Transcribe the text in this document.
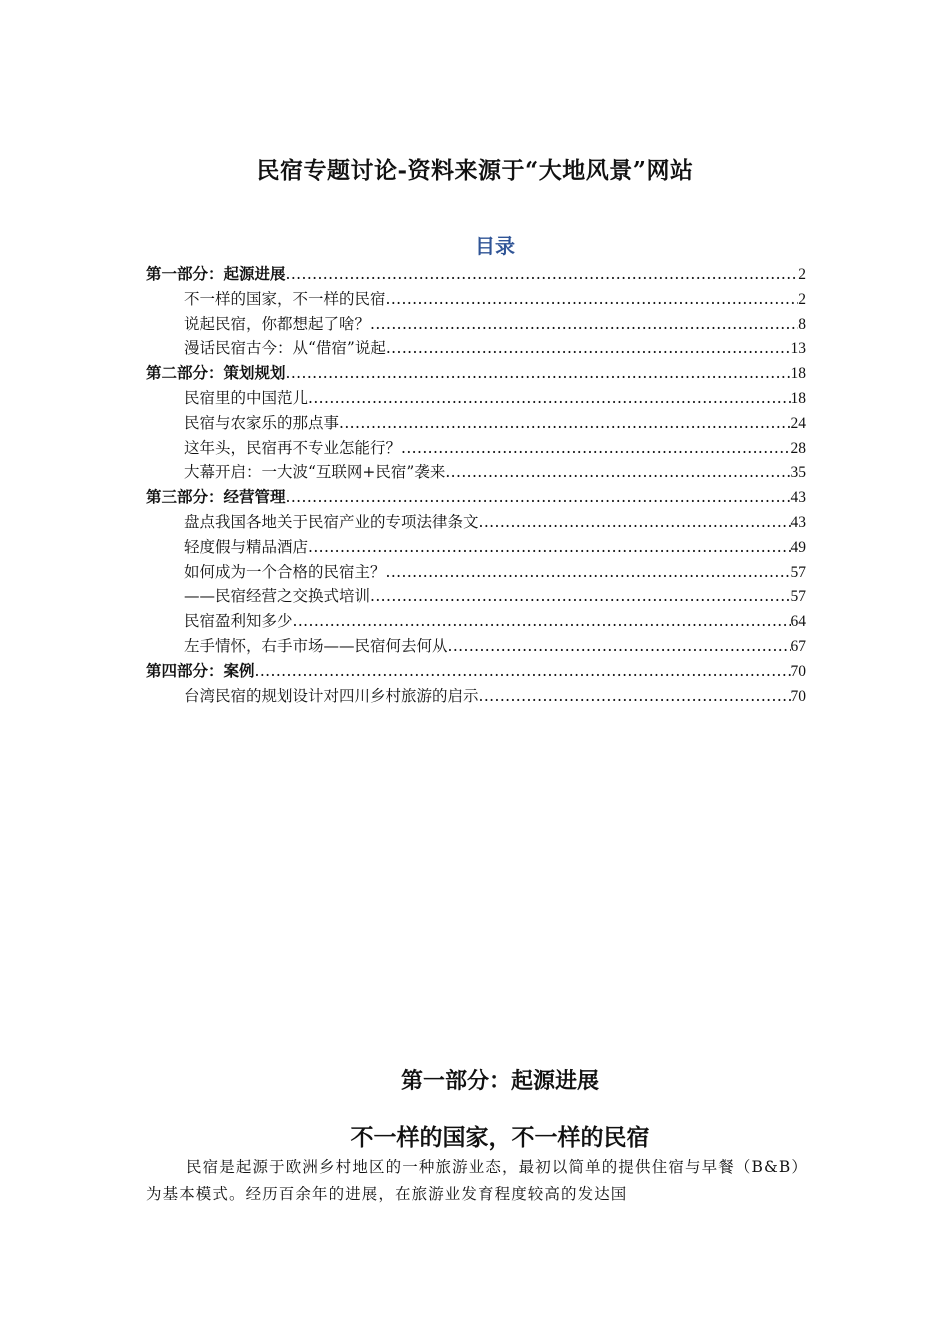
民宿专题讨论-资料来源于“大地风景”网站
目录
第一部分：起源进展 .....	2
不一样的国家，不一样的民宿 .....	2
说起民宿，你都想起了啥？ .....	8
漫话民宿古今：从“借宿”说起 .....	13
第二部分：策划规划 .....	18
民宿里的中国范儿 .....	18
民宿与农家乐的那点事 .....	24
这年头，民宿再不专业怎能行？ .....	28
大幕开启：一大波“互联网+民宿”袭来 .....	35
第三部分：经营管理 .....	43
盘点我国各地关于民宿产业的专项法律条文 .....	43
轻度假与精品酒店 .....	49
如何成为一个合格的民宿主？ .....	57
——民宿经营之交换式培训 .....	57
民宿盈利知多少 .....	64
左手情怀，右手市场——民宿何去何从 .....	67
第四部分：案例 .....	70
台湾民宿的规划设计对四川乡村旅游的启示 .....	70
第一部分：起源进展
不一样的国家，不一样的民宿
民宿是起源于欧洲乡村地区的一种旅游业态，最初以简单的提供住宿与早餐（B&B）为基本模式。经历百余年的进展，在旅游业发育程度较高的发达国
